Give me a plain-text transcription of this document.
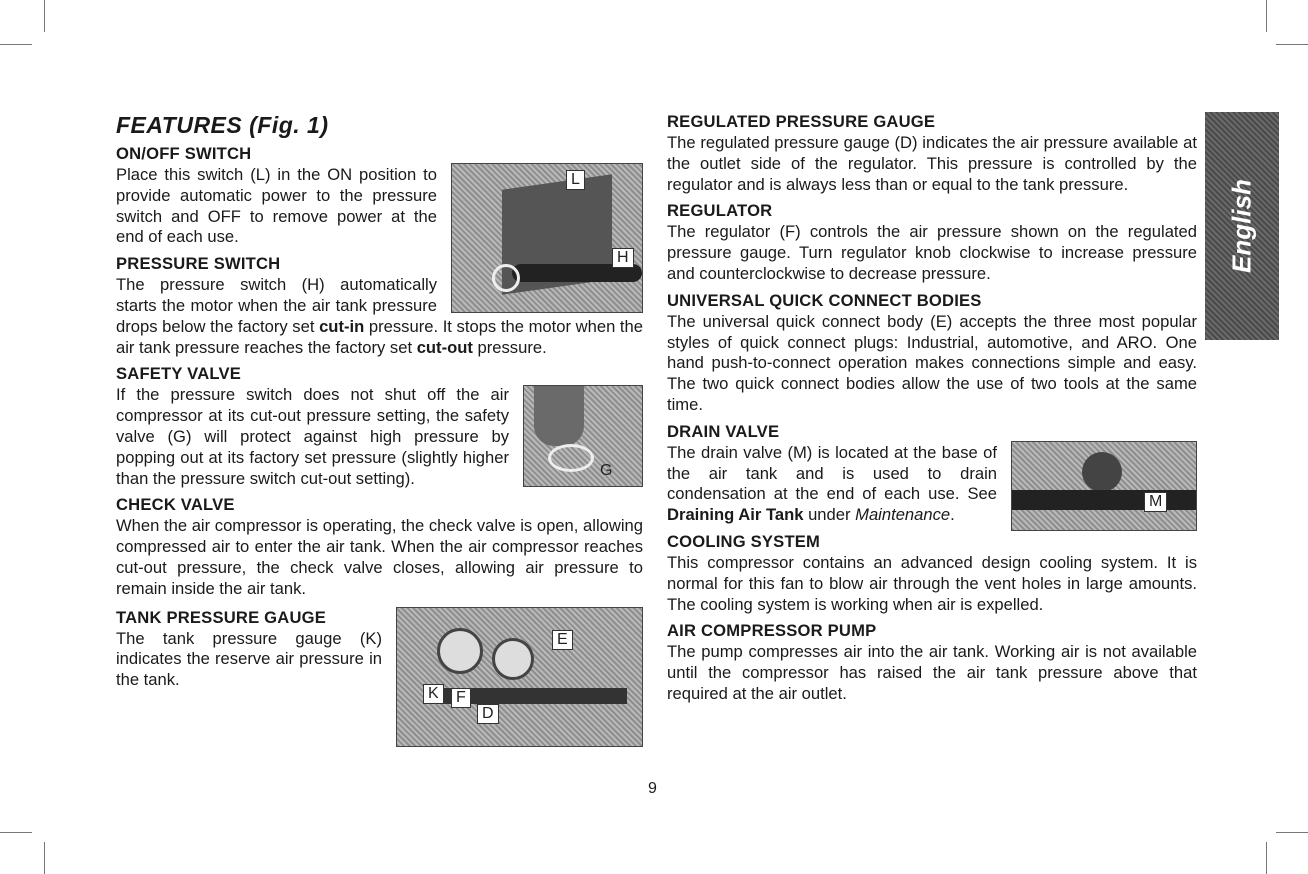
FEATURES (Fig. 1)
ON/OFF SWITCH
L
H

Place this switch (L) in the ON position to provide automatic power to the pressure switch and OFF to remove power at the end of each use.

PRESSURE SWITCH

The pressure switch (H) automatically starts the motor when the air tank pressure drops below the factory set cut-in pressure. It stops the motor when the air tank pressure reaches the factory set cut-out pressure.

SAFETY VALVE
G

If the pressure switch does not shut off the air compressor at its cut-out pressure setting, the safety valve (G) will protect against high pressure by popping out at its factory set pressure (slightly higher than the pressure switch cut-out setting).

CHECK VALVE

When the air compressor is operating, the check valve is open, allowing compressed air to enter the air tank. When the air compressor reaches cut-out pressure, the check valve closes, allowing air pressure to remain inside the air tank.

TANK PRESSURE GAUGE
E
K	F
D

The tank pressure gauge (K) indicates the reserve air pressure in the tank.

REGULATED PRESSURE GAUGE

The regulated pressure gauge (D) indicates the air pressure available at the outlet side of the regulator. This pressure is controlled by the regulator and is always less than or equal to the tank pressure.

REGULATOR

The regulator (F) controls the air pressure shown on the regulated pressure gauge. Turn regulator knob clockwise to increase pressure and counterclockwise to decrease pressure.

UNIVERSAL QUICK CONNECT BODIES

The universal quick connect body (E) accepts the three most popular styles of quick connect plugs: Industrial, automotive, and ARO. One hand push-to-connect operation makes connections simple and easy. The two quick connect bodies allow the use of two tools at the same time.

DRAIN VALVE
M

The drain valve (M) is located at the base of the air tank and is used to drain condensation at the end of each use. See Draining Air Tank under Maintenance.

COOLING SYSTEM

This compressor contains an advanced design cooling system. It is normal for this fan to blow air through the vent holes in large amounts. The cooling system is working when air is expelled.

AIR COMPRESSOR PUMP

The pump compresses air into the air tank. Working air is not available until the compressor has raised the air tank pressure above that required at the air outlet.

English
9
